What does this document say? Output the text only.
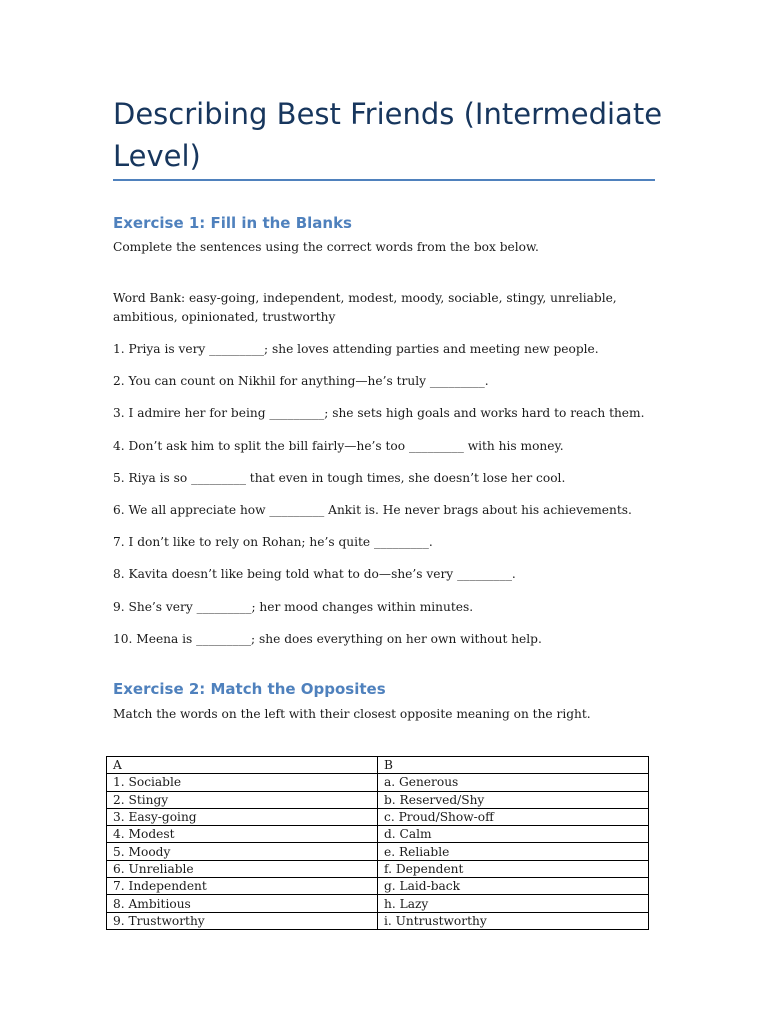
Describing Best Friends (Intermediate Level)
Exercise 1: Fill in the Blanks

Complete the sentences using the correct words from the box below.

Word Bank: easy-going, independent, modest, moody, sociable, stingy, unreliable, ambitious, opinionated, trustworthy

1. Priya is very _________; she loves attending parties and meeting new people.
2. You can count on Nikhil for anything—he’s truly _________.
3. I admire her for being _________; she sets high goals and works hard to reach them.
4. Don’t ask him to split the bill fairly—he’s too _________ with his money.
5. Riya is so _________ that even in tough times, she doesn’t lose her cool.
6. We all appreciate how _________ Ankit is. He never brags about his achievements.
7. I don’t like to rely on Rohan; he’s quite _________.
8. Kavita doesn’t like being told what to do—she’s very _________.
9. She’s very _________; her mood changes within minutes.
10. Meena is _________; she does everything on her own without help.
Exercise 2: Match the Opposites

Match the words on the left with their closest opposite meaning on the right.

A	B
1. Sociable	a. Generous
2. Stingy	b. Reserved/Shy
3. Easy-going	c. Proud/Show-off
4. Modest	d. Calm
5. Moody	e. Reliable
6. Unreliable	f. Dependent
7. Independent	g. Laid-back
8. Ambitious	h. Lazy
9. Trustworthy	i. Untrustworthy
